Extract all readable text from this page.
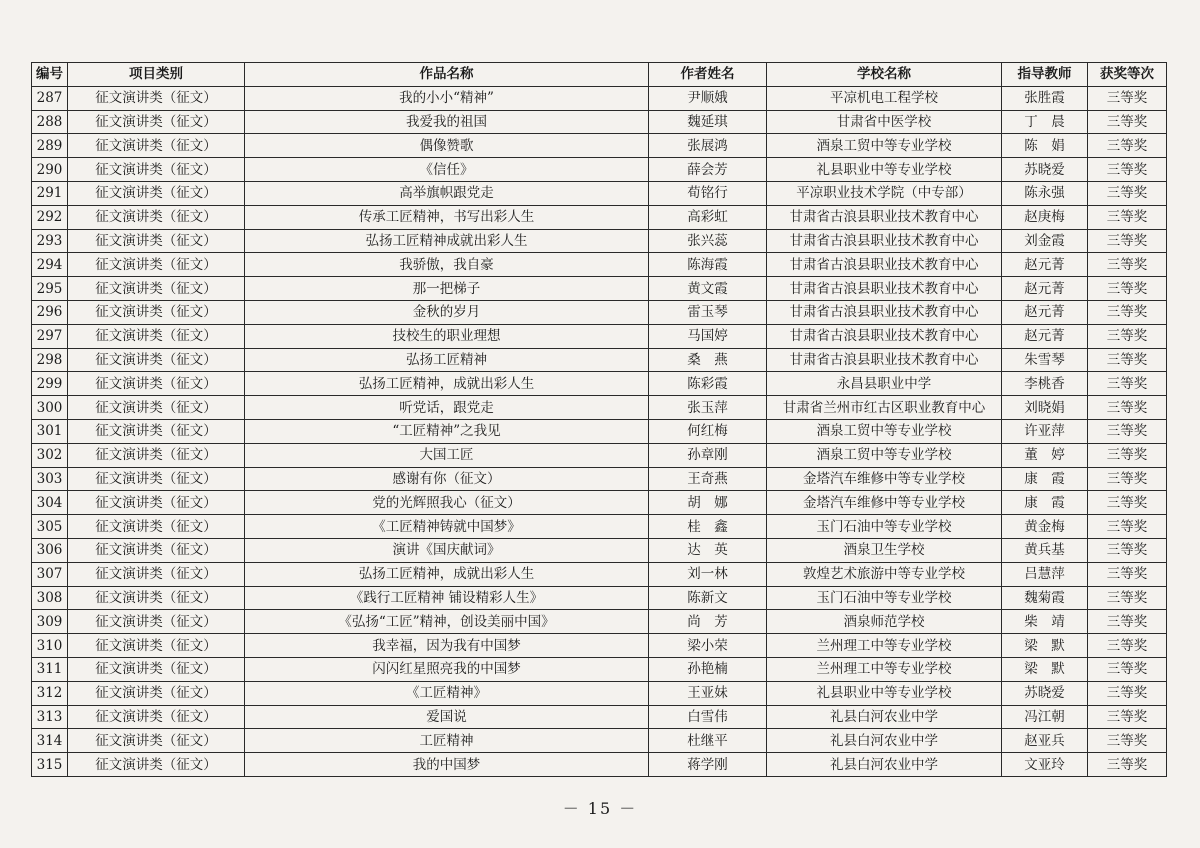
编号	项目类别	作品名称	作者姓名	学校名称	指导教师	获奖等次
287	征文演讲类（征文）	我的小小“精神”	尹顺娥	平凉机电工程学校	张胜霞	三等奖
288	征文演讲类（征文）	我爱我的祖国	魏延琪	甘肃省中医学校	丁　晨	三等奖
289	征文演讲类（征文）	偶像赞歌	张展鸿	酒泉工贸中等专业学校	陈　娟	三等奖
290	征文演讲类（征文）	《信任》	薛会芳	礼县职业中等专业学校	苏晓爱	三等奖
291	征文演讲类（征文）	高举旗帜跟党走	荀铭行	平凉职业技术学院（中专部）	陈永强	三等奖
292	征文演讲类（征文）	传承工匠精神，书写出彩人生	高彩虹	甘肃省古浪县职业技术教育中心	赵庚梅	三等奖
293	征文演讲类（征文）	弘扬工匠精神成就出彩人生	张兴蕊	甘肃省古浪县职业技术教育中心	刘金霞	三等奖
294	征文演讲类（征文）	我骄傲，我自豪	陈海霞	甘肃省古浪县职业技术教育中心	赵元菁	三等奖
295	征文演讲类（征文）	那一把梯子	黄文霞	甘肃省古浪县职业技术教育中心	赵元菁	三等奖
296	征文演讲类（征文）	金秋的岁月	雷玉琴	甘肃省古浪县职业技术教育中心	赵元菁	三等奖
297	征文演讲类（征文）	技校生的职业理想	马国婷	甘肃省古浪县职业技术教育中心	赵元菁	三等奖
298	征文演讲类（征文）	弘扬工匠精神	桑　燕	甘肃省古浪县职业技术教育中心	朱雪琴	三等奖
299	征文演讲类（征文）	弘扬工匠精神，成就出彩人生	陈彩霞	永昌县职业中学	李桃香	三等奖
300	征文演讲类（征文）	听党话，跟党走	张玉萍	甘肃省兰州市红古区职业教育中心	刘晓娟	三等奖
301	征文演讲类（征文）	“工匠精神”之我见	何红梅	酒泉工贸中等专业学校	许亚萍	三等奖
302	征文演讲类（征文）	大国工匠	孙章刚	酒泉工贸中等专业学校	董　婷	三等奖
303	征文演讲类（征文）	感谢有你（征文）	王奇燕	金塔汽车维修中等专业学校	康　霞	三等奖
304	征文演讲类（征文）	党的光辉照我心（征文）	胡　娜	金塔汽车维修中等专业学校	康　霞	三等奖
305	征文演讲类（征文）	《工匠精神铸就中国梦》	桂　鑫	玉门石油中等专业学校	黄金梅	三等奖
306	征文演讲类（征文）	演讲《国庆献词》	达　英	酒泉卫生学校	黄兵基	三等奖
307	征文演讲类（征文）	弘扬工匠精神，成就出彩人生	刘一林	敦煌艺术旅游中等专业学校	吕慧萍	三等奖
308	征文演讲类（征文）	《践行工匠精神 铺设精彩人生》	陈新文	玉门石油中等专业学校	魏菊霞	三等奖
309	征文演讲类（征文）	《弘扬“工匠”精神，创设美丽中国》	尚　芳	酒泉师范学校	柴　靖	三等奖
310	征文演讲类（征文）	我幸福，因为我有中国梦	梁小荣	兰州理工中等专业学校	梁　默	三等奖
311	征文演讲类（征文）	闪闪红星照亮我的中国梦	孙艳楠	兰州理工中等专业学校	梁　默	三等奖
312	征文演讲类（征文）	《工匠精神》	王亚妹	礼县职业中等专业学校	苏晓爱	三等奖
313	征文演讲类（征文）	爱国说	白雪伟	礼县白河农业中学	冯江朝	三等奖
314	征文演讲类（征文）	工匠精神	杜继平	礼县白河农业中学	赵亚兵	三等奖
315	征文演讲类（征文）	我的中国梦	蒋学刚	礼县白河农业中学	文亚玲	三等奖
－ 15 －
